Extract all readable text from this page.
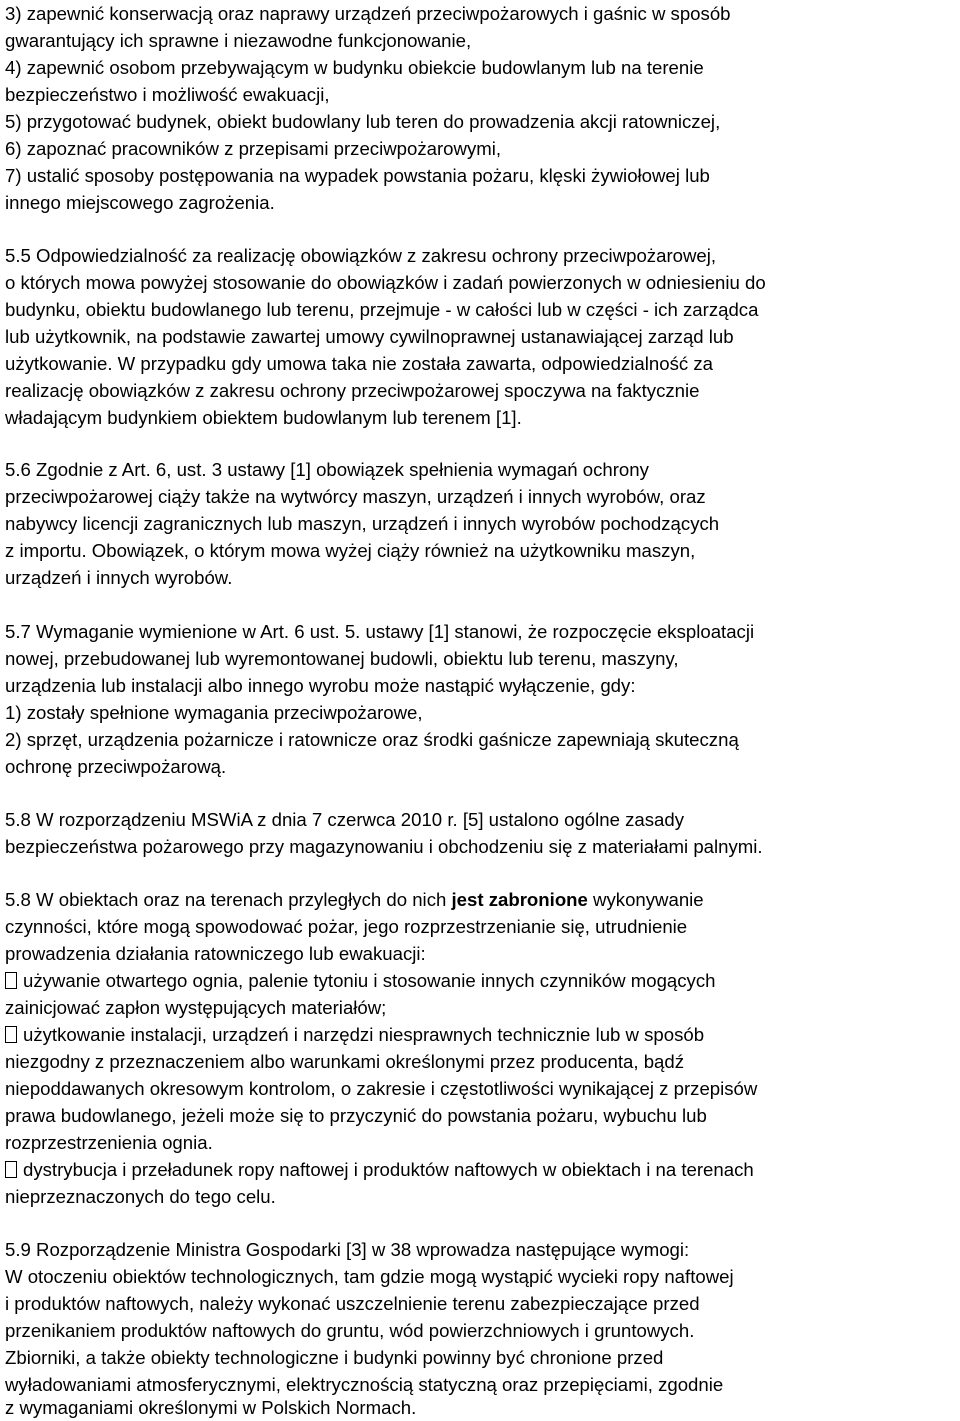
3) zapewnić konserwacją oraz naprawy urządzeń przeciwpożarowych i gaśnic w sposób
gwarantujący ich sprawne i niezawodne funkcjonowanie,
4) zapewnić osobom przebywającym w budynku obiekcie budowlanym lub na terenie
bezpieczeństwo i możliwość ewakuacji,
5) przygotować budynek, obiekt budowlany lub teren do prowadzenia akcji ratowniczej,
6) zapoznać pracowników z przepisami przeciwpożarowymi,
7) ustalić sposoby postępowania na wypadek powstania pożaru, klęski żywiołowej lub
innego miejscowego zagrożenia.
5.5 Odpowiedzialność za realizację obowiązków z zakresu ochrony przeciwpożarowej,
o których mowa powyżej stosowanie do obowiązków i zadań powierzonych w odniesieniu do
budynku, obiektu budowlanego lub terenu, przejmuje - w całości lub w części - ich zarządca
lub użytkownik, na podstawie zawartej umowy cywilnoprawnej ustanawiającej zarząd lub
użytkowanie. W przypadku gdy umowa taka nie została zawarta, odpowiedzialność za
realizację obowiązków z zakresu ochrony przeciwpożarowej spoczywa na faktycznie
władającym budynkiem obiektem budowlanym lub terenem [1].
5.6 Zgodnie z Art. 6, ust. 3 ustawy [1] obowiązek spełnienia wymagań ochrony
przeciwpożarowej ciąży także na wytwórcy maszyn, urządzeń i innych wyrobów, oraz
nabywcy licencji zagranicznych lub maszyn, urządzeń i innych wyrobów pochodzących
z importu. Obowiązek, o którym mowa wyżej ciąży również na użytkowniku maszyn,
urządzeń i innych wyrobów.
5.7 Wymaganie wymienione w Art. 6 ust. 5. ustawy [1] stanowi, że rozpoczęcie eksploatacji
nowej, przebudowanej lub wyremontowanej budowli, obiektu lub terenu, maszyny,
urządzenia lub instalacji albo innego wyrobu może nastąpić wyłączenie, gdy:
1) zostały spełnione wymagania przeciwpożarowe,
2) sprzęt, urządzenia pożarnicze i ratownicze oraz środki gaśnicze zapewniają skuteczną
ochronę przeciwpożarową.
5.8 W rozporządzeniu MSWiA z dnia 7 czerwca 2010 r. [5] ustalono ogólne zasady
bezpieczeństwa pożarowego przy magazynowaniu i obchodzeniu się z materiałami palnymi.
5.8 W obiektach oraz na terenach przyległych do nich jest zabronione wykonywanie
czynności, które mogą spowodować pożar, jego rozprzestrzenianie się, utrudnienie
prowadzenia działania ratowniczego lub ewakuacji:
używanie otwartego ognia, palenie tytoniu i stosowanie innych czynników mogących
zainicjować zapłon występujących materiałów;
użytkowanie instalacji, urządzeń i narzędzi niesprawnych technicznie lub w sposób
niezgodny z przeznaczeniem albo warunkami określonymi przez producenta, bądź
niepoddawanych okresowym kontrolom, o zakresie i częstotliwości wynikającej z przepisów
prawa budowlanego, jeżeli może się to przyczynić do powstania pożaru, wybuchu lub
rozprzestrzenienia ognia.
dystrybucja i przeładunek ropy naftowej i produktów naftowych w obiektach i na terenach
nieprzeznaczonych do tego celu.
5.9 Rozporządzenie Ministra Gospodarki [3] w 38 wprowadza następujące wymogi:
W otoczeniu obiektów technologicznych, tam gdzie mogą wystąpić wycieki ropy naftowej
i produktów naftowych, należy wykonać uszczelnienie terenu zabezpieczające przed
przenikaniem produktów naftowych do gruntu, wód powierzchniowych i gruntowych.
Zbiorniki, a także obiekty technologiczne i budynki powinny być chronione przed
wyładowaniami atmosferycznymi, elektrycznością statyczną oraz przepięciami, zgodnie
z wymaganiami określonymi w Polskich Normach.
